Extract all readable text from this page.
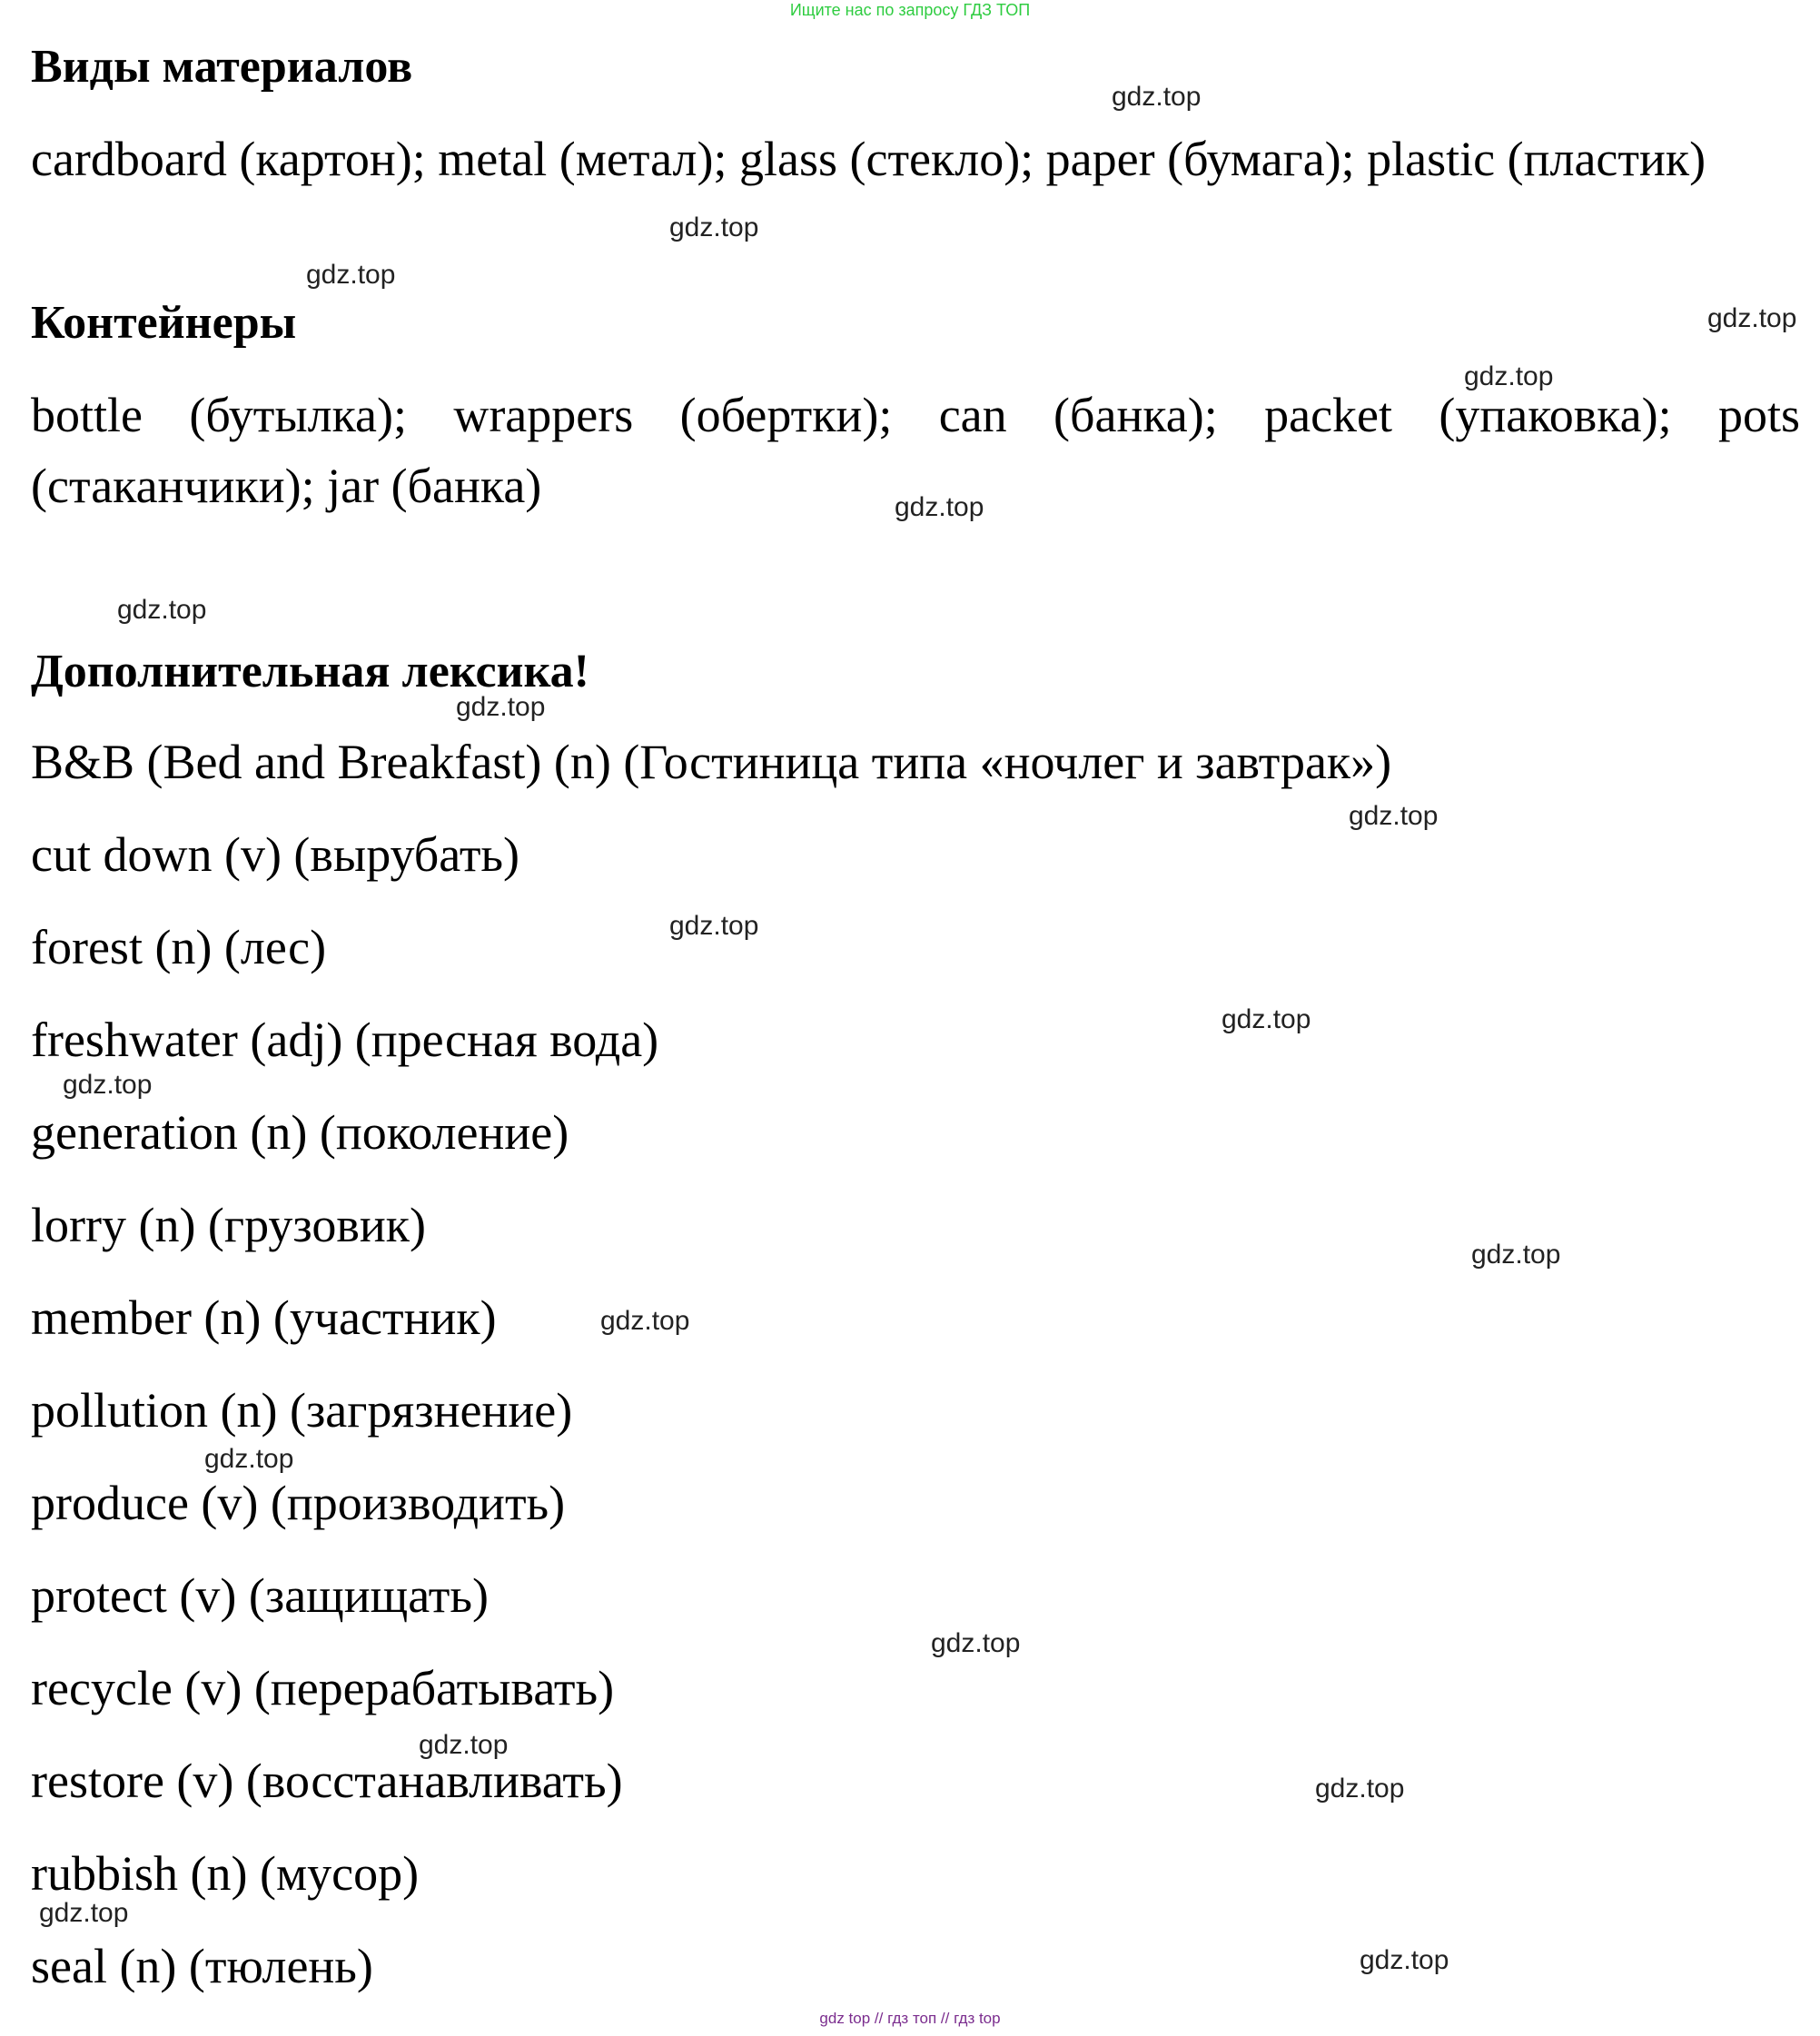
Ищите нас по запросу ГДЗ ТОП
Виды материалов

cardboard (картон); metal (метал); glass (стекло); paper (бумага); plastic (пластик)

Контейнеры

bottle (бутылка); wrappers (обертки); can (банка); packet (упаковка); pots (стаканчики); jar (банка)

Дополнительная лексика!
B&B (Bed and Breakfast) (n) (Гостиница типа «ночлег и завтрак»)
cut down (v) (вырубать)
forest (n) (лес)
freshwater (adj) (пресная вода)
generation (n) (поколение)
lorry (n) (грузовик)
member (n) (участник)
pollution (n) (загрязнение)
produce (v) (производить)
protect (v) (защищать)
recycle (v) (перерабатывать)
restore (v) (восстанавливать)
rubbish (n) (мусор)
seal (n) (тюлень)
gdz.top
gdz.top
gdz.top
gdz.top
gdz.top
gdz.top
gdz.top
gdz.top
gdz.top
gdz.top
gdz.top
gdz.top
gdz.top
gdz.top
gdz.top
gdz.top
gdz.top
gdz.top
gdz.top
gdz.top
gdz top // гдз топ // гдз top
